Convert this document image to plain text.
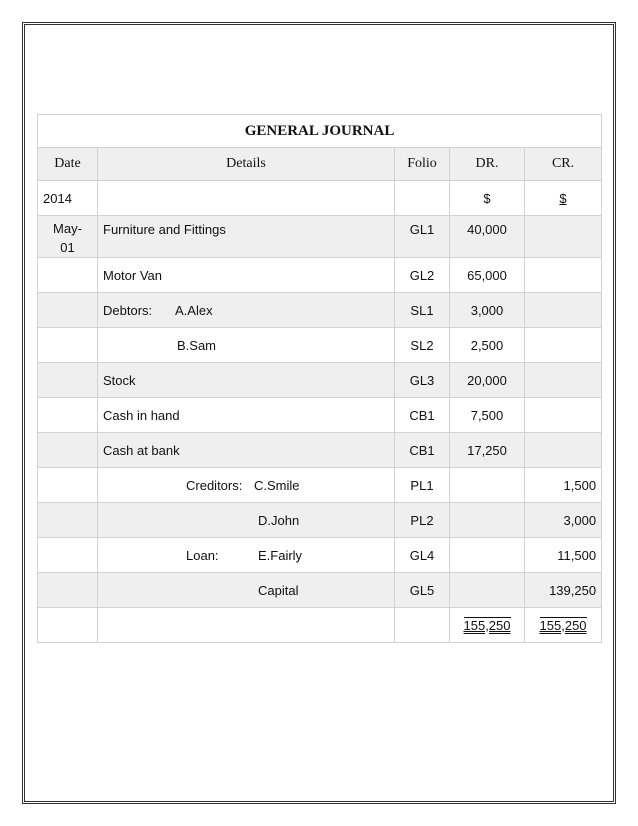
GENERAL JOURNAL				
Date	Details	Folio	DR.	CR.
2014			$	$
May-
01	Furniture and Fittings	GL1	40,000	
	Motor Van	GL2	65,000	
	Debtors: A.Alex	SL1	3,000	
	B.Sam	SL2	2,500	
	Stock	GL3	20,000	
	Cash in hand	CB1	7,500	
	Cash at bank	CB1	17,250	
	Creditors: C.Smile	PL1		1,500
	D.John	PL2		3,000
	Loan: E.Fairly	GL4		11,500
	Capital	GL5		139,250
			155,250	155,250
